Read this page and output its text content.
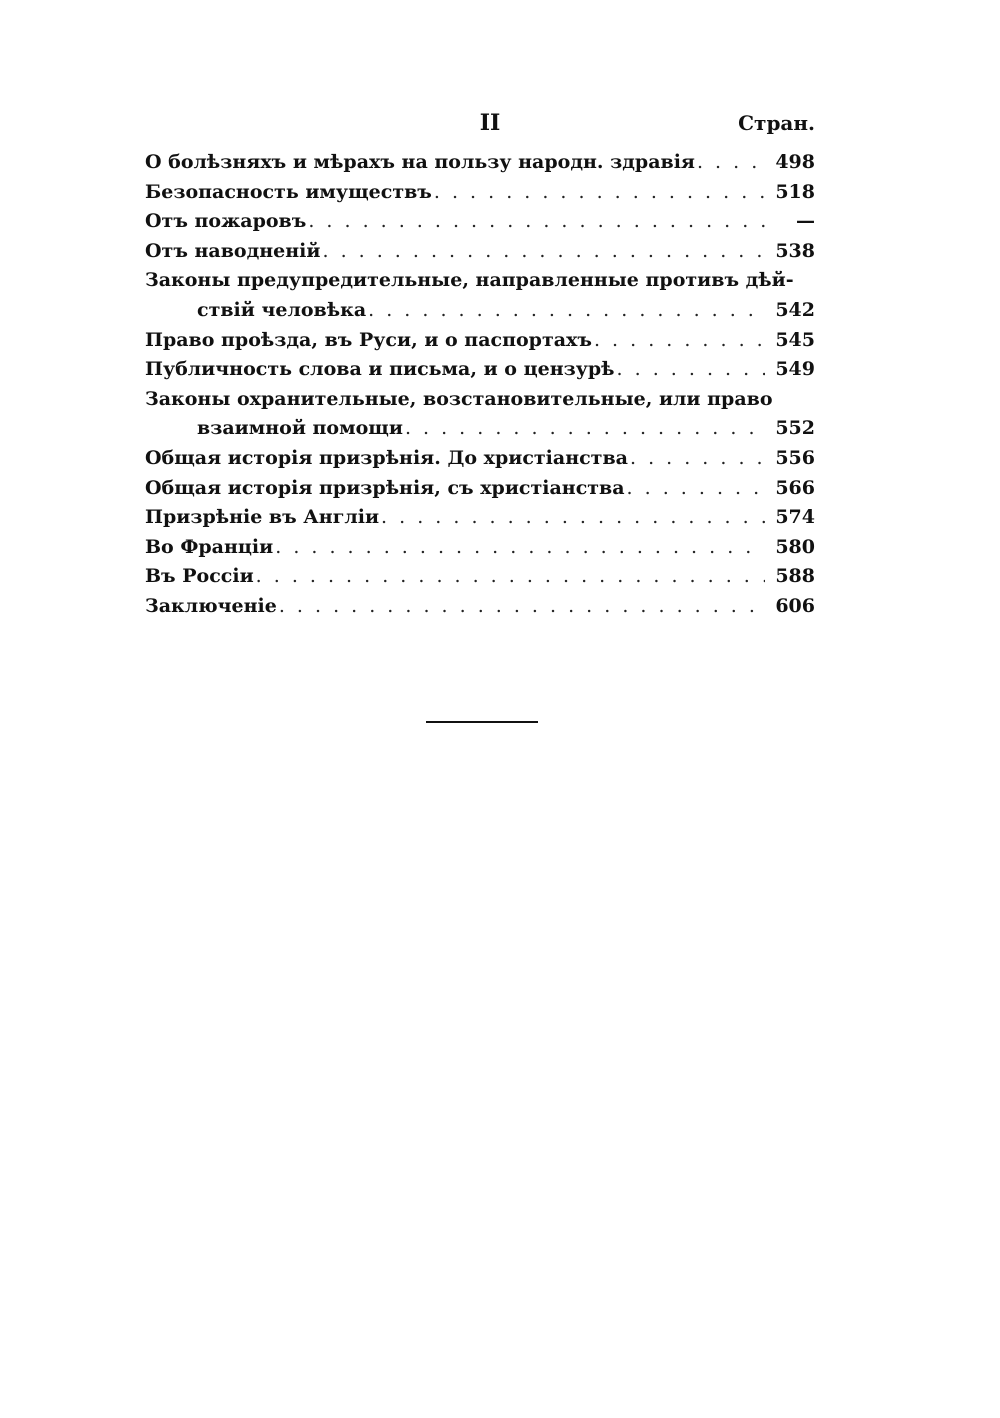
II	Стран.
О болѣзняхъ и мѣрахъ на пользу народн. здравія . . .	498
Безопасность имуществъ . . .	518
Отъ пожаровъ . . .	—
Отъ наводненій . . .	538
Законы предупредительные, направленные противъ дѣй-
ствій человѣка . . .	542
Право проѣзда, въ Руси, и о паспортахъ . . .	545
Публичность слова и письма, и о цензурѣ . . .	549
Законы охранительные, возстановительные, или право
взаимной помощи . . .	552
Общая исторія призрѣнія. До христіанства . . .	556
Общая исторія призрѣнія, съ христіанства . . .	566
Призрѣніе въ Англіи . . .	574
Во Франціи . . .	580
Въ Россіи . . .	588
Заключеніе . . .	606
